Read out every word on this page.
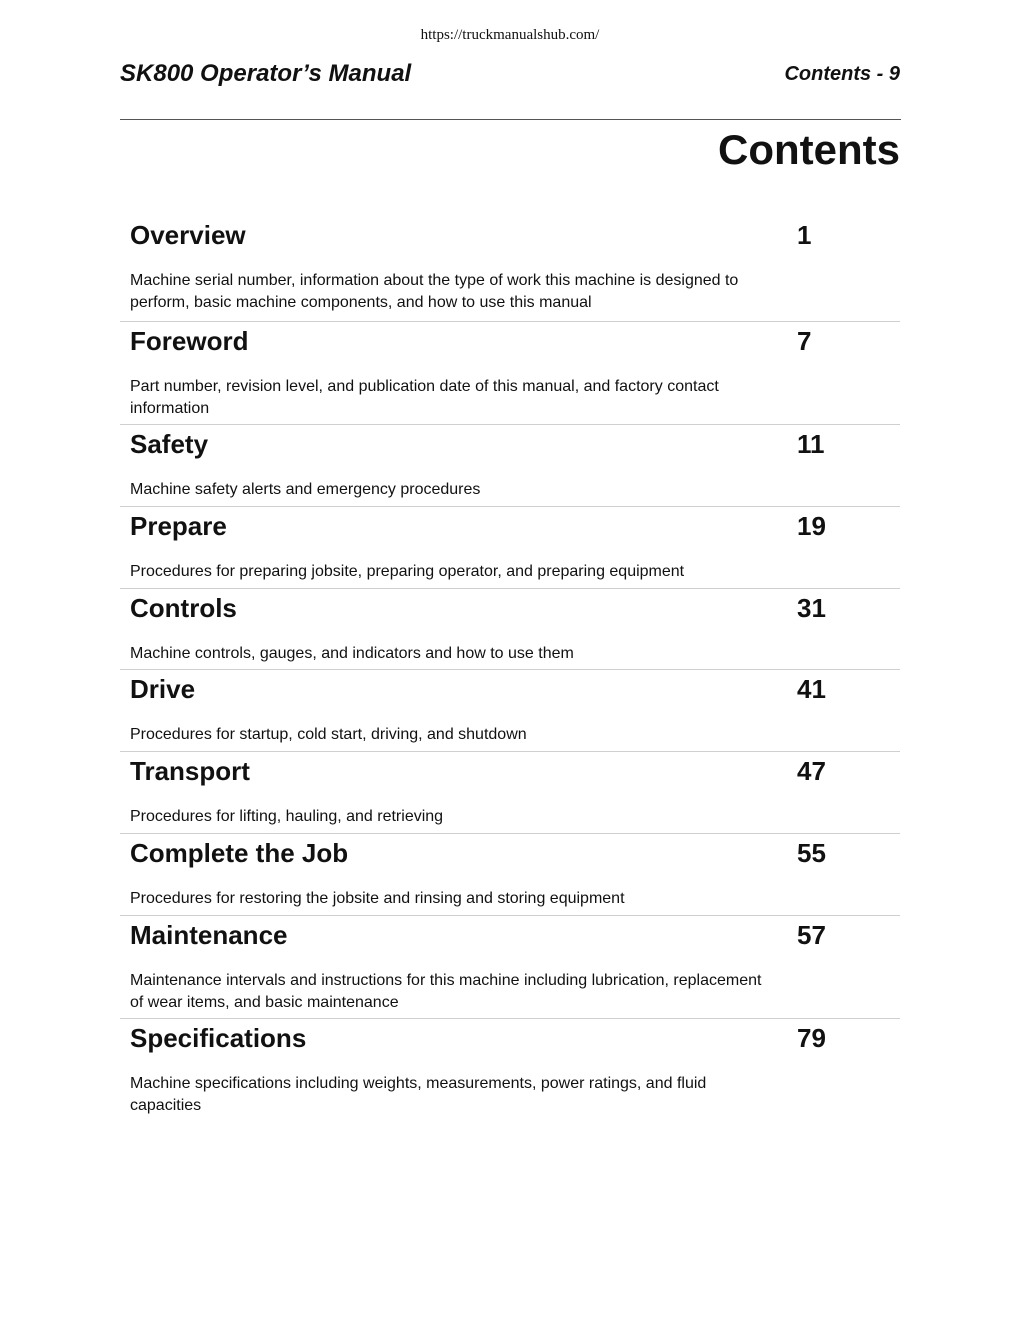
https://truckmanualshub.com/
SK800 Operator’s Manual	Contents - 9
Contents
Overview	1
Machine serial number, information about the type of work this machine is designed to perform, basic machine components, and how to use this manual
Foreword	7
Part number, revision level, and publication date of this manual, and factory contact information
Safety	11
Machine safety alerts and emergency procedures
Prepare	19
Procedures for preparing jobsite, preparing operator, and preparing equipment
Controls	31
Machine controls, gauges, and indicators and how to use them
Drive	41
Procedures for startup, cold start, driving, and shutdown
Transport	47
Procedures for lifting, hauling, and retrieving
Complete the Job	55
Procedures for restoring the jobsite and rinsing and storing equipment
Maintenance	57
Maintenance intervals and instructions for this machine including lubrication, replacement of wear items, and basic maintenance
Specifications	79
Machine specifications including weights, measurements, power ratings, and fluid capacities
